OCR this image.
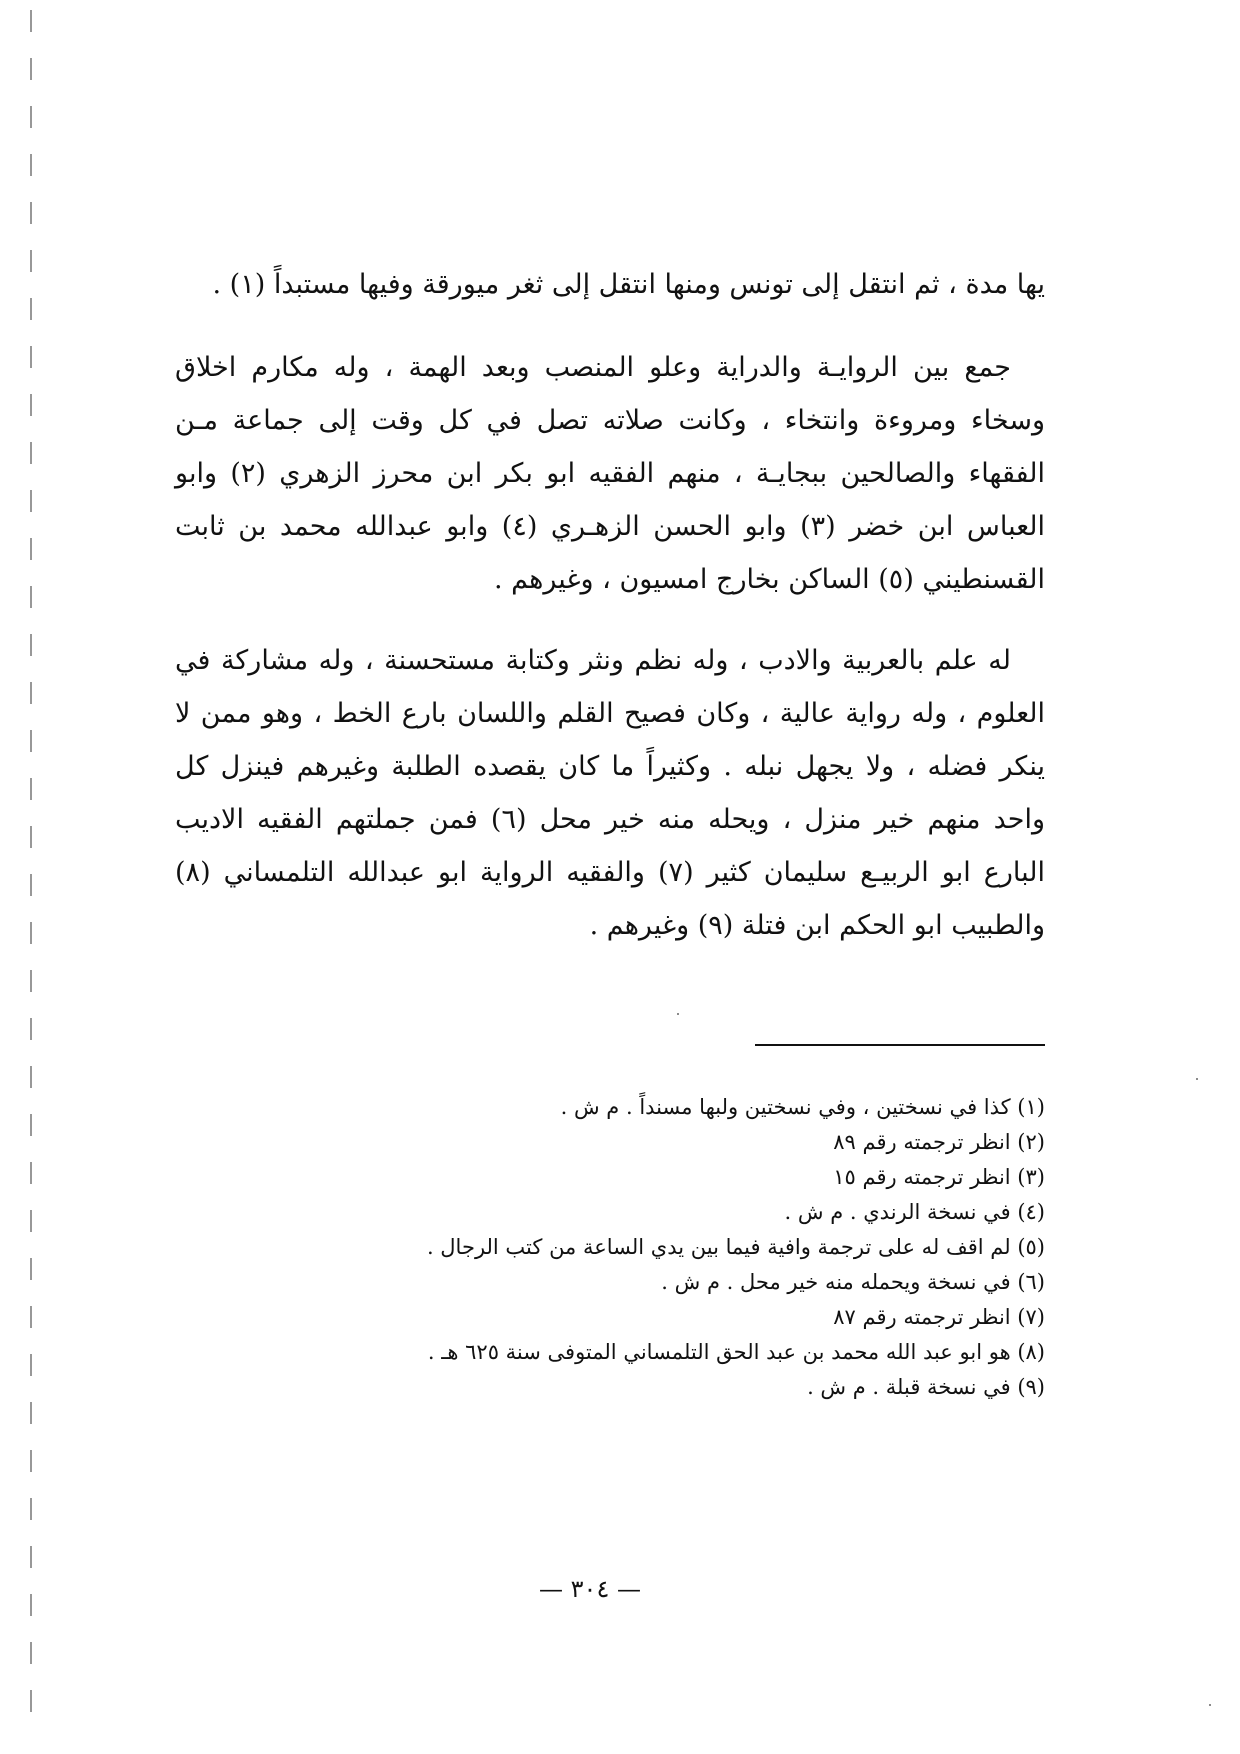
يها مدة ، ثم انتقل إلى تونس ومنها انتقل إلى ثغر ميورقة وفيها مستبداً (١) .

جمع بين الروايـة والدراية وعلو المنصب وبعد الهمة ، وله مكارم اخلاق وسخاء ومروءة وانتخاء ، وكانت صلاته تصل في كل وقت إلى جماعة مـن الفقهاء والصالحين ببجايـة ، منهم الفقيه ابو بكر ابن محرز الزهري (٢) وابو العباس ابن خضر (٣) وابو الحسن الزهـري (٤) وابو عبدالله محمد بن ثابت القسنطيني (٥) الساكن بخارج امسيون ، وغيرهم .

له علم بالعربية والادب ، وله نظم ونثر وكتابة مستحسنة ، وله مشاركة في العلوم ، وله رواية عالية ، وكان فصيح القلم واللسان بارع الخط ، وهو ممن لا ينكر فضله ، ولا يجهل نبله . وكثيراً ما كان يقصده الطلبة وغيرهم فينزل كل واحد منهم خير منزل ، ويحله منه خير محل (٦) فمن جملتهم الفقيه الاديب البارع ابو الربيـع سليمان كثير (٧) والفقيه الرواية ابو عبدالله التلمساني (٨) والطبيب ابو الحكم ابن فتلة (٩) وغيرهم .

(١) كذا في نسختين ، وفي نسختين ولبها مسنداً . م ش .
(٢) انظر ترجمته رقم ٨٩
(٣) انظر ترجمته رقم ١٥
(٤) في نسخة الرندي . م ش .
(٥) لم اقف له على ترجمة وافية فيما بين يدي الساعة من كتب الرجال .
(٦) في نسخة ويحمله منه خير محل . م ش .
(٧) انظر ترجمته رقم ٨٧
(٨) هو ابو عبد الله محمد بن عبد الحق التلمساني المتوفى سنة ٦٢٥ هـ .
(٩) في نسخة قبلة . م ش .
— ٣٠٤ —
